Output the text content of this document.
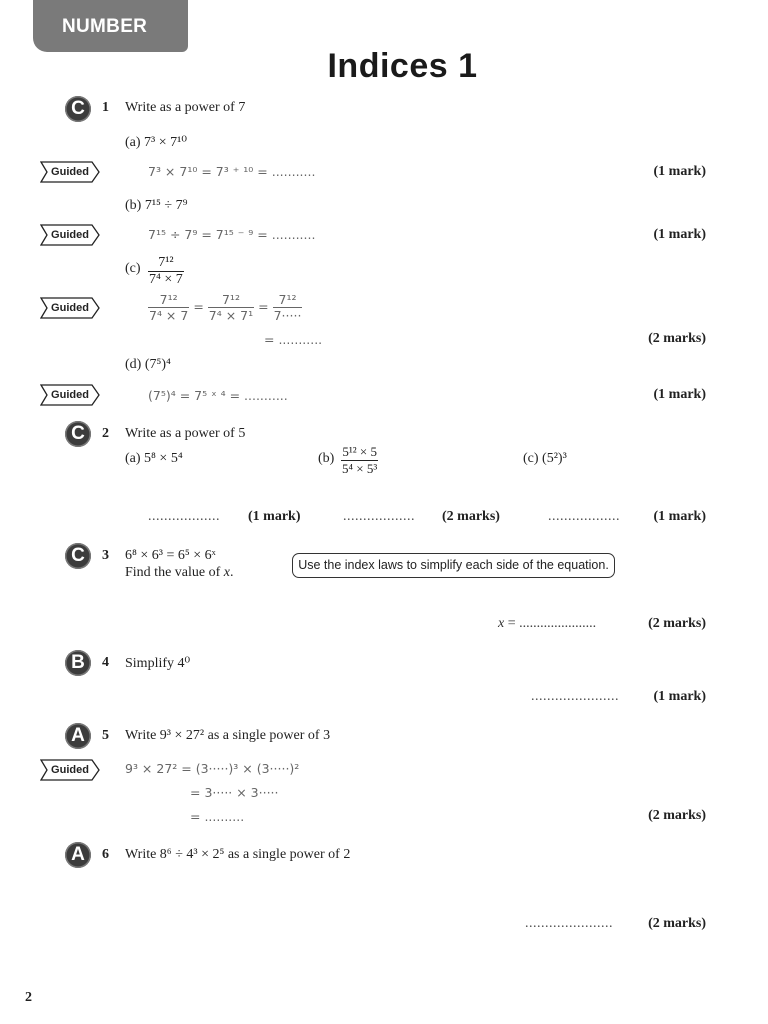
NUMBER
Indices 1
C	1 Write as a power of 7
(a) 7³ × 7¹⁰
Guided	7³ × 7¹⁰ = 7³ ⁺ ¹⁰ = ...........	(1 mark)
(b) 7¹⁵ ÷ 7⁹
Guided	7¹⁵ ÷ 7⁹ = 7¹⁵ ⁻ ⁹ = ...........	(1 mark)
$(c) \frac{\text{7¹²}}{\text{7⁴ × 7}}$
Guided	$\frac{\text{7¹²}}{\text{7⁴ × 7}} = \frac{\text{7¹²}}{\text{7⁴ × 7¹}} = \frac{\text{7¹²}}{7\cdot\cdot\cdot\cdot\cdot}$
= ...........	(2 marks)
(d) (7⁵)⁴
Guided	(7⁵)⁴ = 7⁵ ˣ ⁴ = ...........	(1 mark)
C	2 Write as a power of 5
(a) 5⁸ × 5⁴	$(b) \frac{\text{5¹² × 5}}{\text{5⁴ × 5³}}$	(c) (5²)³
.................. (1 mark)	.................. (2 marks)	.................. (1 mark)
C	3 6⁸ × 6³ = 6⁵ × 6ˣ
Find the value of x.	Use the index laws to simplify each side of the equation.
x = ......................	(2 marks)
B	4 Simplify 4⁰
...................... (1 mark)
A	5 Write 9³ × 27² as a single power of 3
Guided	9³ × 27² = (3·····)³ × (3·····)²
= 3····· × 3·····
= ..........	(2 marks)
A	6 Write 8⁶ ÷ 4³ × 2⁵ as a single power of 2
......................	(2 marks)
2
